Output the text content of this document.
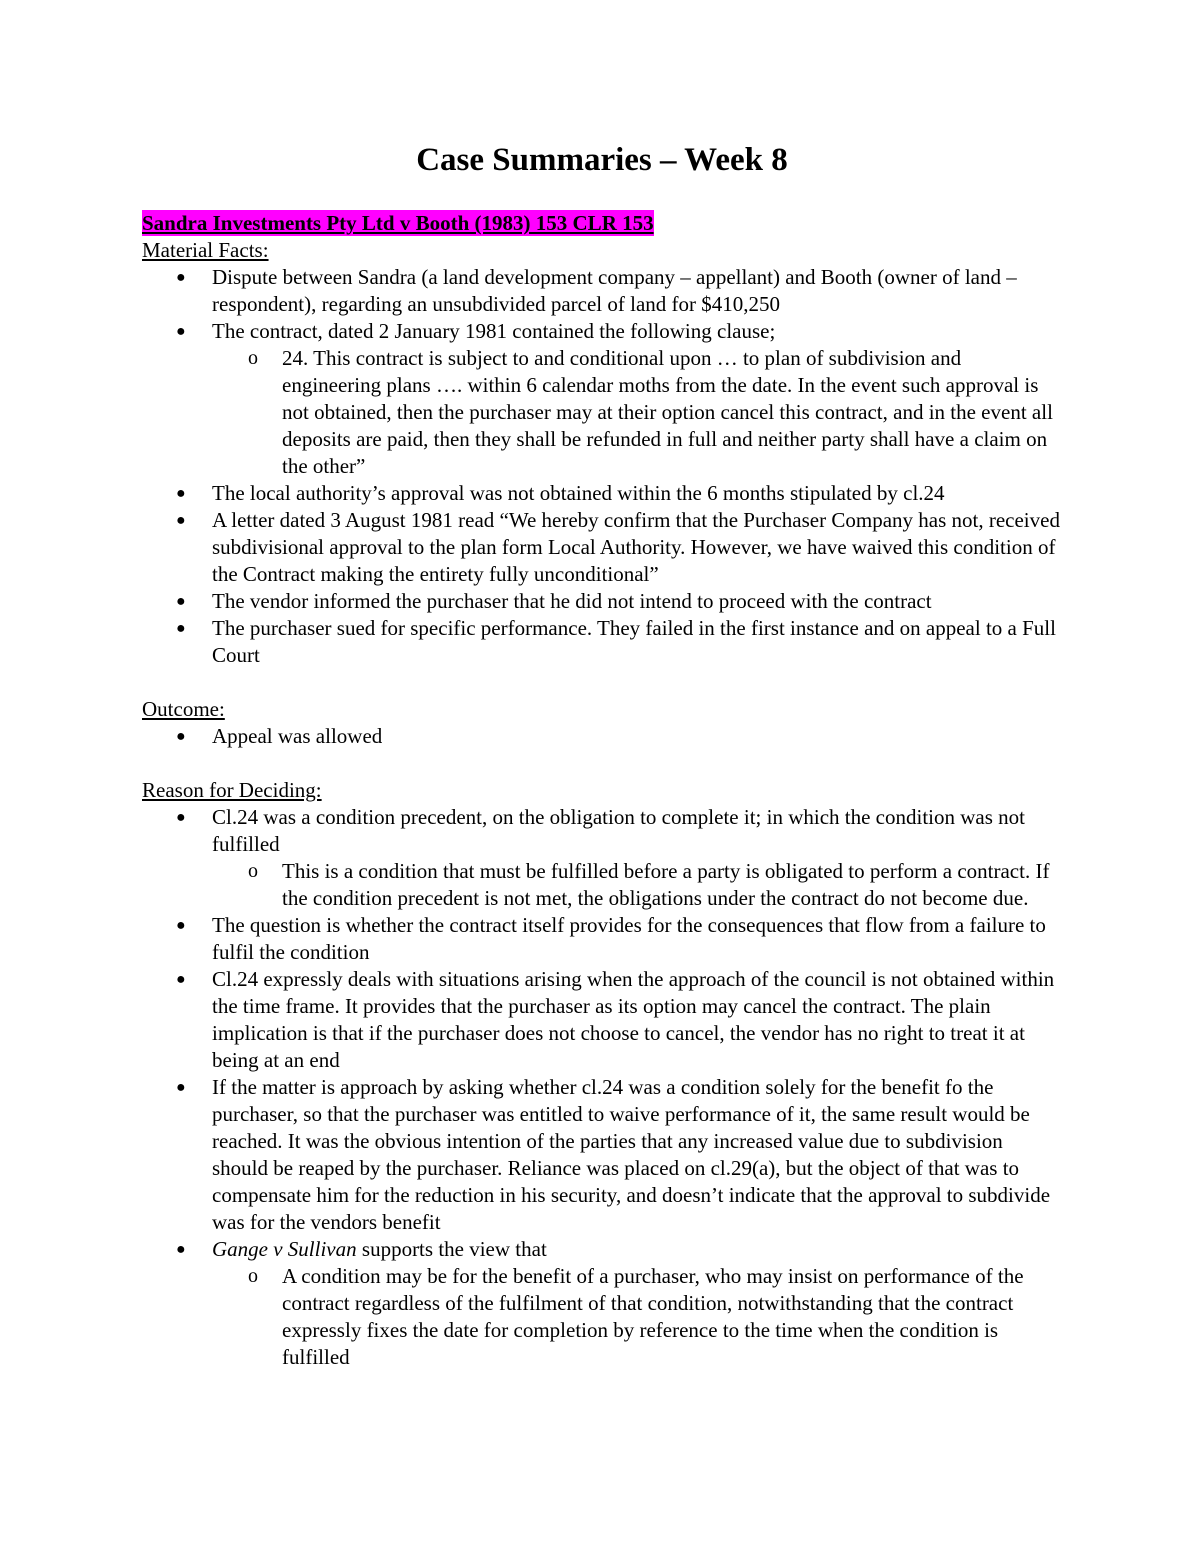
Case Summaries – Week 8
Sandra Investments Pty Ltd v Booth (1983) 153 CLR 153
Material Facts:
● Dispute between Sandra (a land development company – appellant) and Booth (owner of land – respondent), regarding an unsubdivided parcel of land for $410,250
● The contract, dated 2 January 1981 contained the following clause;
o 24. This contract is subject to and conditional upon … to plan of subdivision and engineering plans …. within 6 calendar moths from the date. In the event such approval is not obtained, then the purchaser may at their option cancel this contract, and in the event all deposits are paid, then they shall be refunded in full and neither party shall have a claim on the other”
● The local authority’s approval was not obtained within the 6 months stipulated by cl.24
● A letter dated 3 August 1981 read “We hereby confirm that the Purchaser Company has not, received subdivisional approval to the plan form Local Authority. However, we have waived this condition of the Contract making the entirety fully unconditional”
● The vendor informed the purchaser that he did not intend to proceed with the contract
● The purchaser sued for specific performance. They failed in the first instance and on appeal to a Full Court
Outcome:
● Appeal was allowed
Reason for Deciding:
● Cl.24 was a condition precedent, on the obligation to complete it; in which the condition was not fulfilled
o This is a condition that must be fulfilled before a party is obligated to perform a contract. If the condition precedent is not met, the obligations under the contract do not become due.
● The question is whether the contract itself provides for the consequences that flow from a failure to fulfil the condition
● Cl.24 expressly deals with situations arising when the approach of the council is not obtained within the time frame. It provides that the purchaser as its option may cancel the contract. The plain implication is that if the purchaser does not choose to cancel, the vendor has no right to treat it at being at an end
● If the matter is approach by asking whether cl.24 was a condition solely for the benefit fo the purchaser, so that the purchaser was entitled to waive performance of it, the same result would be reached. It was the obvious intention of the parties that any increased value due to subdivision should be reaped by the purchaser. Reliance was placed on cl.29(a), but the object of that was to compensate him for the reduction in his security, and doesn’t indicate that the approval to subdivide was for the vendors benefit
● Gange v Sullivan supports the view that
o A condition may be for the benefit of a purchaser, who may insist on performance of the contract regardless of the fulfilment of that condition, notwithstanding that the contract expressly fixes the date for completion by reference to the time when the condition is fulfilled
